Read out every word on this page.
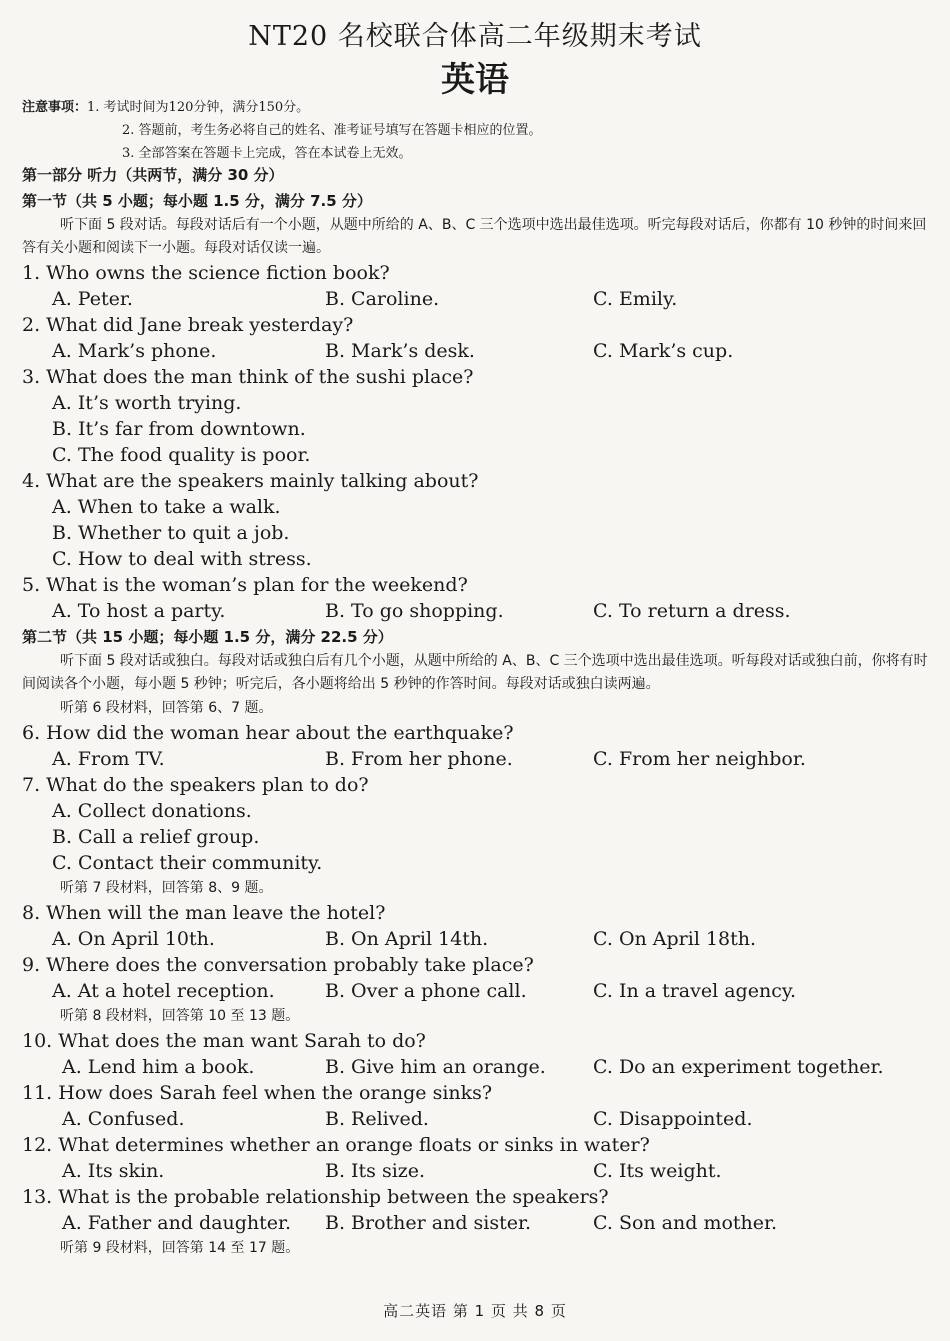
NT20 名校联合体高二年级期末考试
英语
注意事项：1. 考试时间为120分钟，满分150分。
2. 答题前，考生务必将自己的姓名、准考证号填写在答题卡相应的位置。
3. 全部答案在答题卡上完成，答在本试卷上无效。
第一部分 听力（共两节，满分 30 分）
第一节（共 5 小题；每小题 1.5 分，满分 7.5 分）
听下面 5 段对话。每段对话后有一个小题，从题中所给的 A、B、C 三个选项中选出最佳选项。听完每段对话后，你都有 10 秒钟的时间来回答有关小题和阅读下一小题。每段对话仅读一遍。
1. Who owns the science fiction book?
A. Peter.	B. Caroline.	C. Emily.
2. What did Jane break yesterday?
A. Mark’s phone.	B. Mark’s desk.	C. Mark’s cup.
3. What does the man think of the sushi place?
A. It’s worth trying.
B. It’s far from downtown.
C. The food quality is poor.
4. What are the speakers mainly talking about?
A. When to take a walk.
B. Whether to quit a job.
C. How to deal with stress.
5. What is the woman’s plan for the weekend?
A. To host a party.	B. To go shopping.	C. To return a dress.
第二节（共 15 小题；每小题 1.5 分，满分 22.5 分）
听下面 5 段对话或独白。每段对话或独白后有几个小题，从题中所给的 A、B、C 三个选项中选出最佳选项。听每段对话或独白前，你将有时间阅读各个小题，每小题 5 秒钟；听完后，各小题将给出 5 秒钟的作答时间。每段对话或独白读两遍。
听第 6 段材料，回答第 6、7 题。
6. How did the woman hear about the earthquake?
A. From TV.	B. From her phone.	C. From her neighbor.
7. What do the speakers plan to do?
A. Collect donations.
B. Call a relief group.
C. Contact their community.
听第 7 段材料，回答第 8、9 题。
8. When will the man leave the hotel?
A. On April 10th.	B. On April 14th.	C. On April 18th.
9. Where does the conversation probably take place?
A. At a hotel reception.	B. Over a phone call.	C. In a travel agency.
听第 8 段材料，回答第 10 至 13 题。
10. What does the man want Sarah to do?
A. Lend him a book.	B. Give him an orange. C. Do an experiment together.
11. How does Sarah feel when the orange sinks?
A. Confused.	B. Relived.	C. Disappointed.
12. What determines whether an orange floats or sinks in water?
A. Its skin.	B. Its size.	C. Its weight.
13. What is the probable relationship between the speakers?
A. Father and daughter. B. Brother and sister.	C. Son and mother.
听第 9 段材料，回答第 14 至 17 题。
高二英语 第 1 页 共 8 页
